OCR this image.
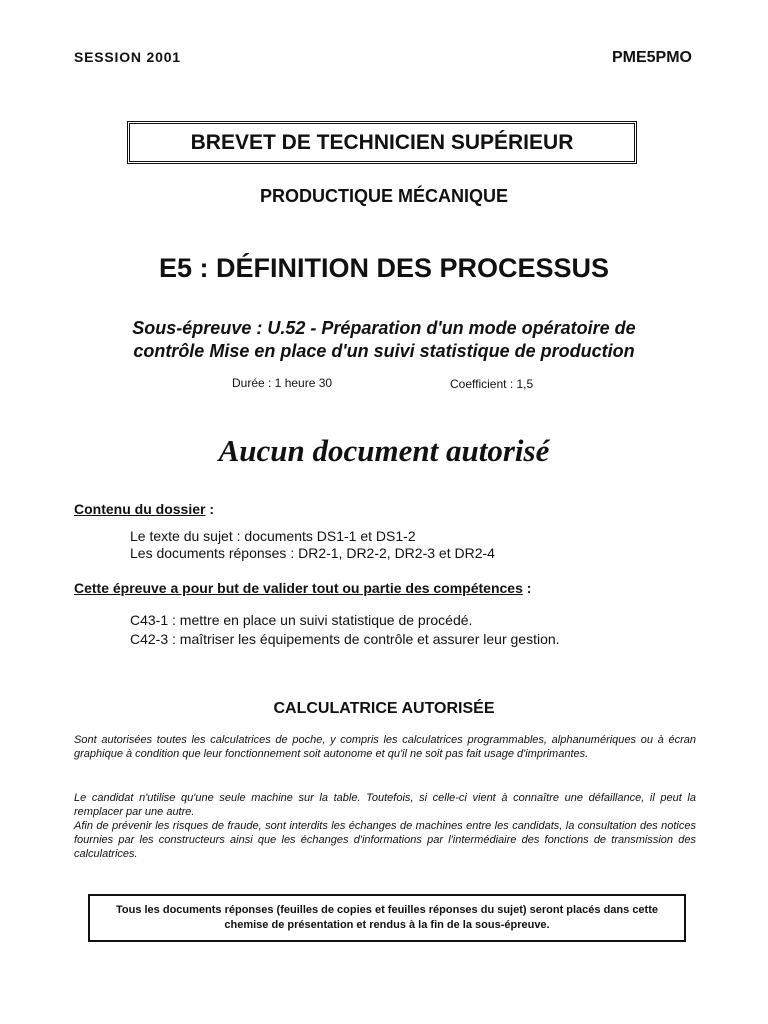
SESSION 2001	PME5PMO
BREVET DE TECHNICIEN SUPÉRIEUR
PRODUCTIQUE MÉCANIQUE
E5 : DÉFINITION DES PROCESSUS
Sous-épreuve : U.52 - Préparation d'un mode opératoire de
contrôle Mise en place d'un suivi statistique de production
Durée : 1 heure 30	Coefficient : 1,5
Aucun document autorisé
Contenu du dossier :
Le texte du sujet : documents DS1-1 et DS1-2
Les documents réponses : DR2-1, DR2-2, DR2-3 et DR2-4
Cette épreuve a pour but de valider tout ou partie des compétences :
C43-1 : mettre en place un suivi statistique de procédé.
C42-3 : maîtriser les équipements de contrôle et assurer leur gestion.
CALCULATRICE AUTORISÉE
Sont autorisées toutes les calculatrices de poche, y compris les calculatrices programmables, alphanumériques ou à écran graphique à condition que leur fonctionnement soit autonome et qu'il ne soit pas fait usage d'imprimantes.
Le candidat n'utilise qu'une seule machine sur la table. Toutefois, si celle-ci vient à connaître une défaillance, il peut la remplacer par une autre.
Afin de prévenir les risques de fraude, sont interdits les échanges de machines entre les candidats, la consultation des notices fournies par les constructeurs ainsi que les échanges d'informations par l'intermédiaire des fonctions de transmission des calculatrices.
Tous les documents réponses (feuilles de copies et feuilles réponses du sujet) seront placés dans cette chemise de présentation et rendus à la fin de la sous-épreuve.
